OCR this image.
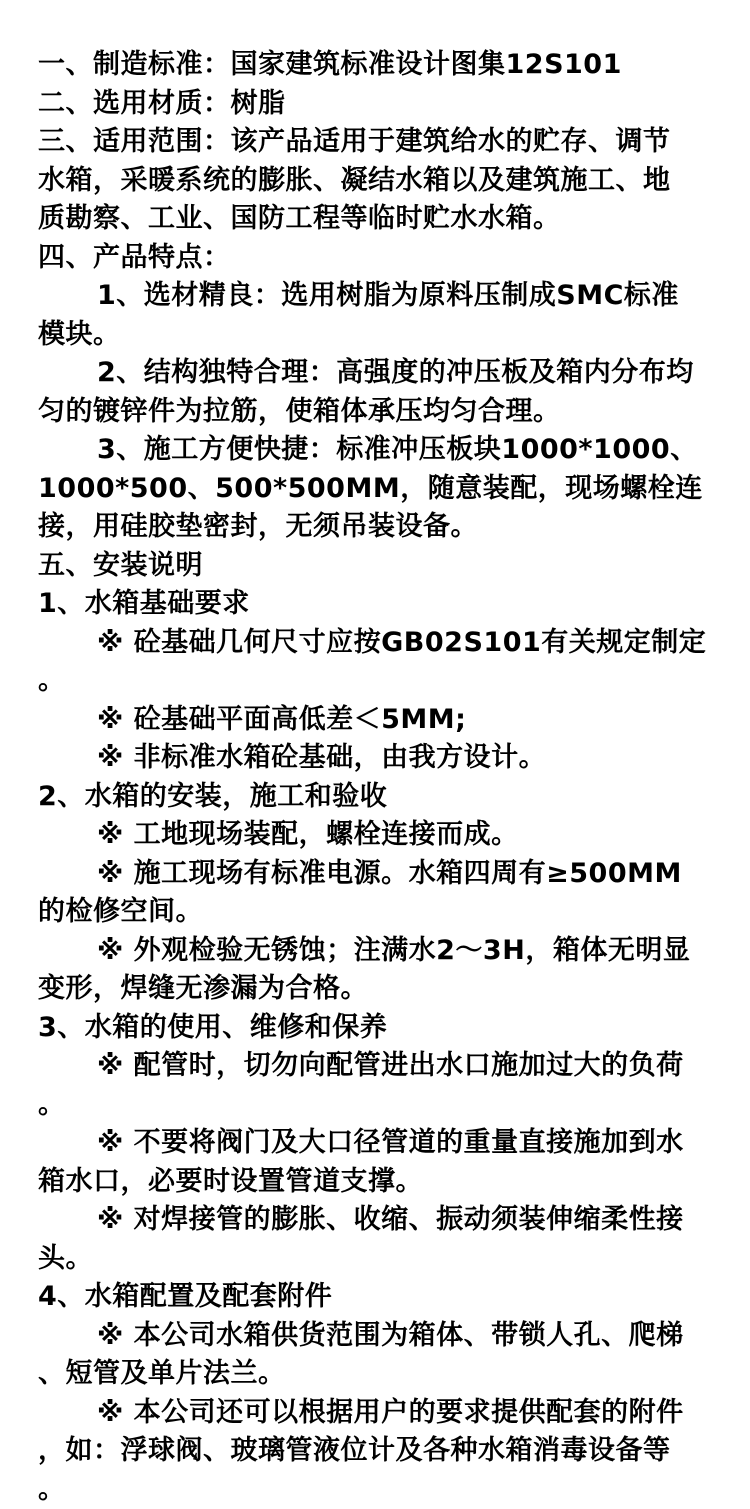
一、制造标准：国家建筑标准设计图集12S101
二、选用材质：树脂
三、适用范围：该产品适用于建筑给水的贮存、调节
水箱，采暖系统的膨胀、凝结水箱以及建筑施工、地
质勘察、工业、国防工程等临时贮水水箱。
四、产品特点：
1、选材精良：选用树脂为原料压制成SMC标准
模块。
2、结构独特合理：高强度的冲压板及箱内分布均
匀的镀锌件为拉筋，使箱体承压均匀合理。
3、施工方便快捷：标准冲压板块1000*1000、
1000*500、500*500MM，随意装配，现场螺栓连
接，用硅胶垫密封，无须吊装设备。
五、安装说明
1、水箱基础要求
※ 砼基础几何尺寸应按GB02S101有关规定制定
。
※ 砼基础平面高低差＜5MM;
※ 非标准水箱砼基础，由我方设计。
2、水箱的安装，施工和验收
※ 工地现场装配，螺栓连接而成。
※ 施工现场有标准电源。水箱四周有≥500MM
的检修空间。
※ 外观检验无锈蚀；注满水2～3H，箱体无明显
变形，焊缝无渗漏为合格。
3、水箱的使用、维修和保养
※ 配管时，切勿向配管进出水口施加过大的负荷
。
※ 不要将阀门及大口径管道的重量直接施加到水
箱水口，必要时设置管道支撑。
※ 对焊接管的膨胀、收缩、振动须装伸缩柔性接
头。
4、水箱配置及配套附件
※ 本公司水箱供货范围为箱体、带锁人孔、爬梯
、短管及单片法兰。
※ 本公司还可以根据用户的要求提供配套的附件
，如：浮球阀、玻璃管液位计及各种水箱消毒设备等
。
